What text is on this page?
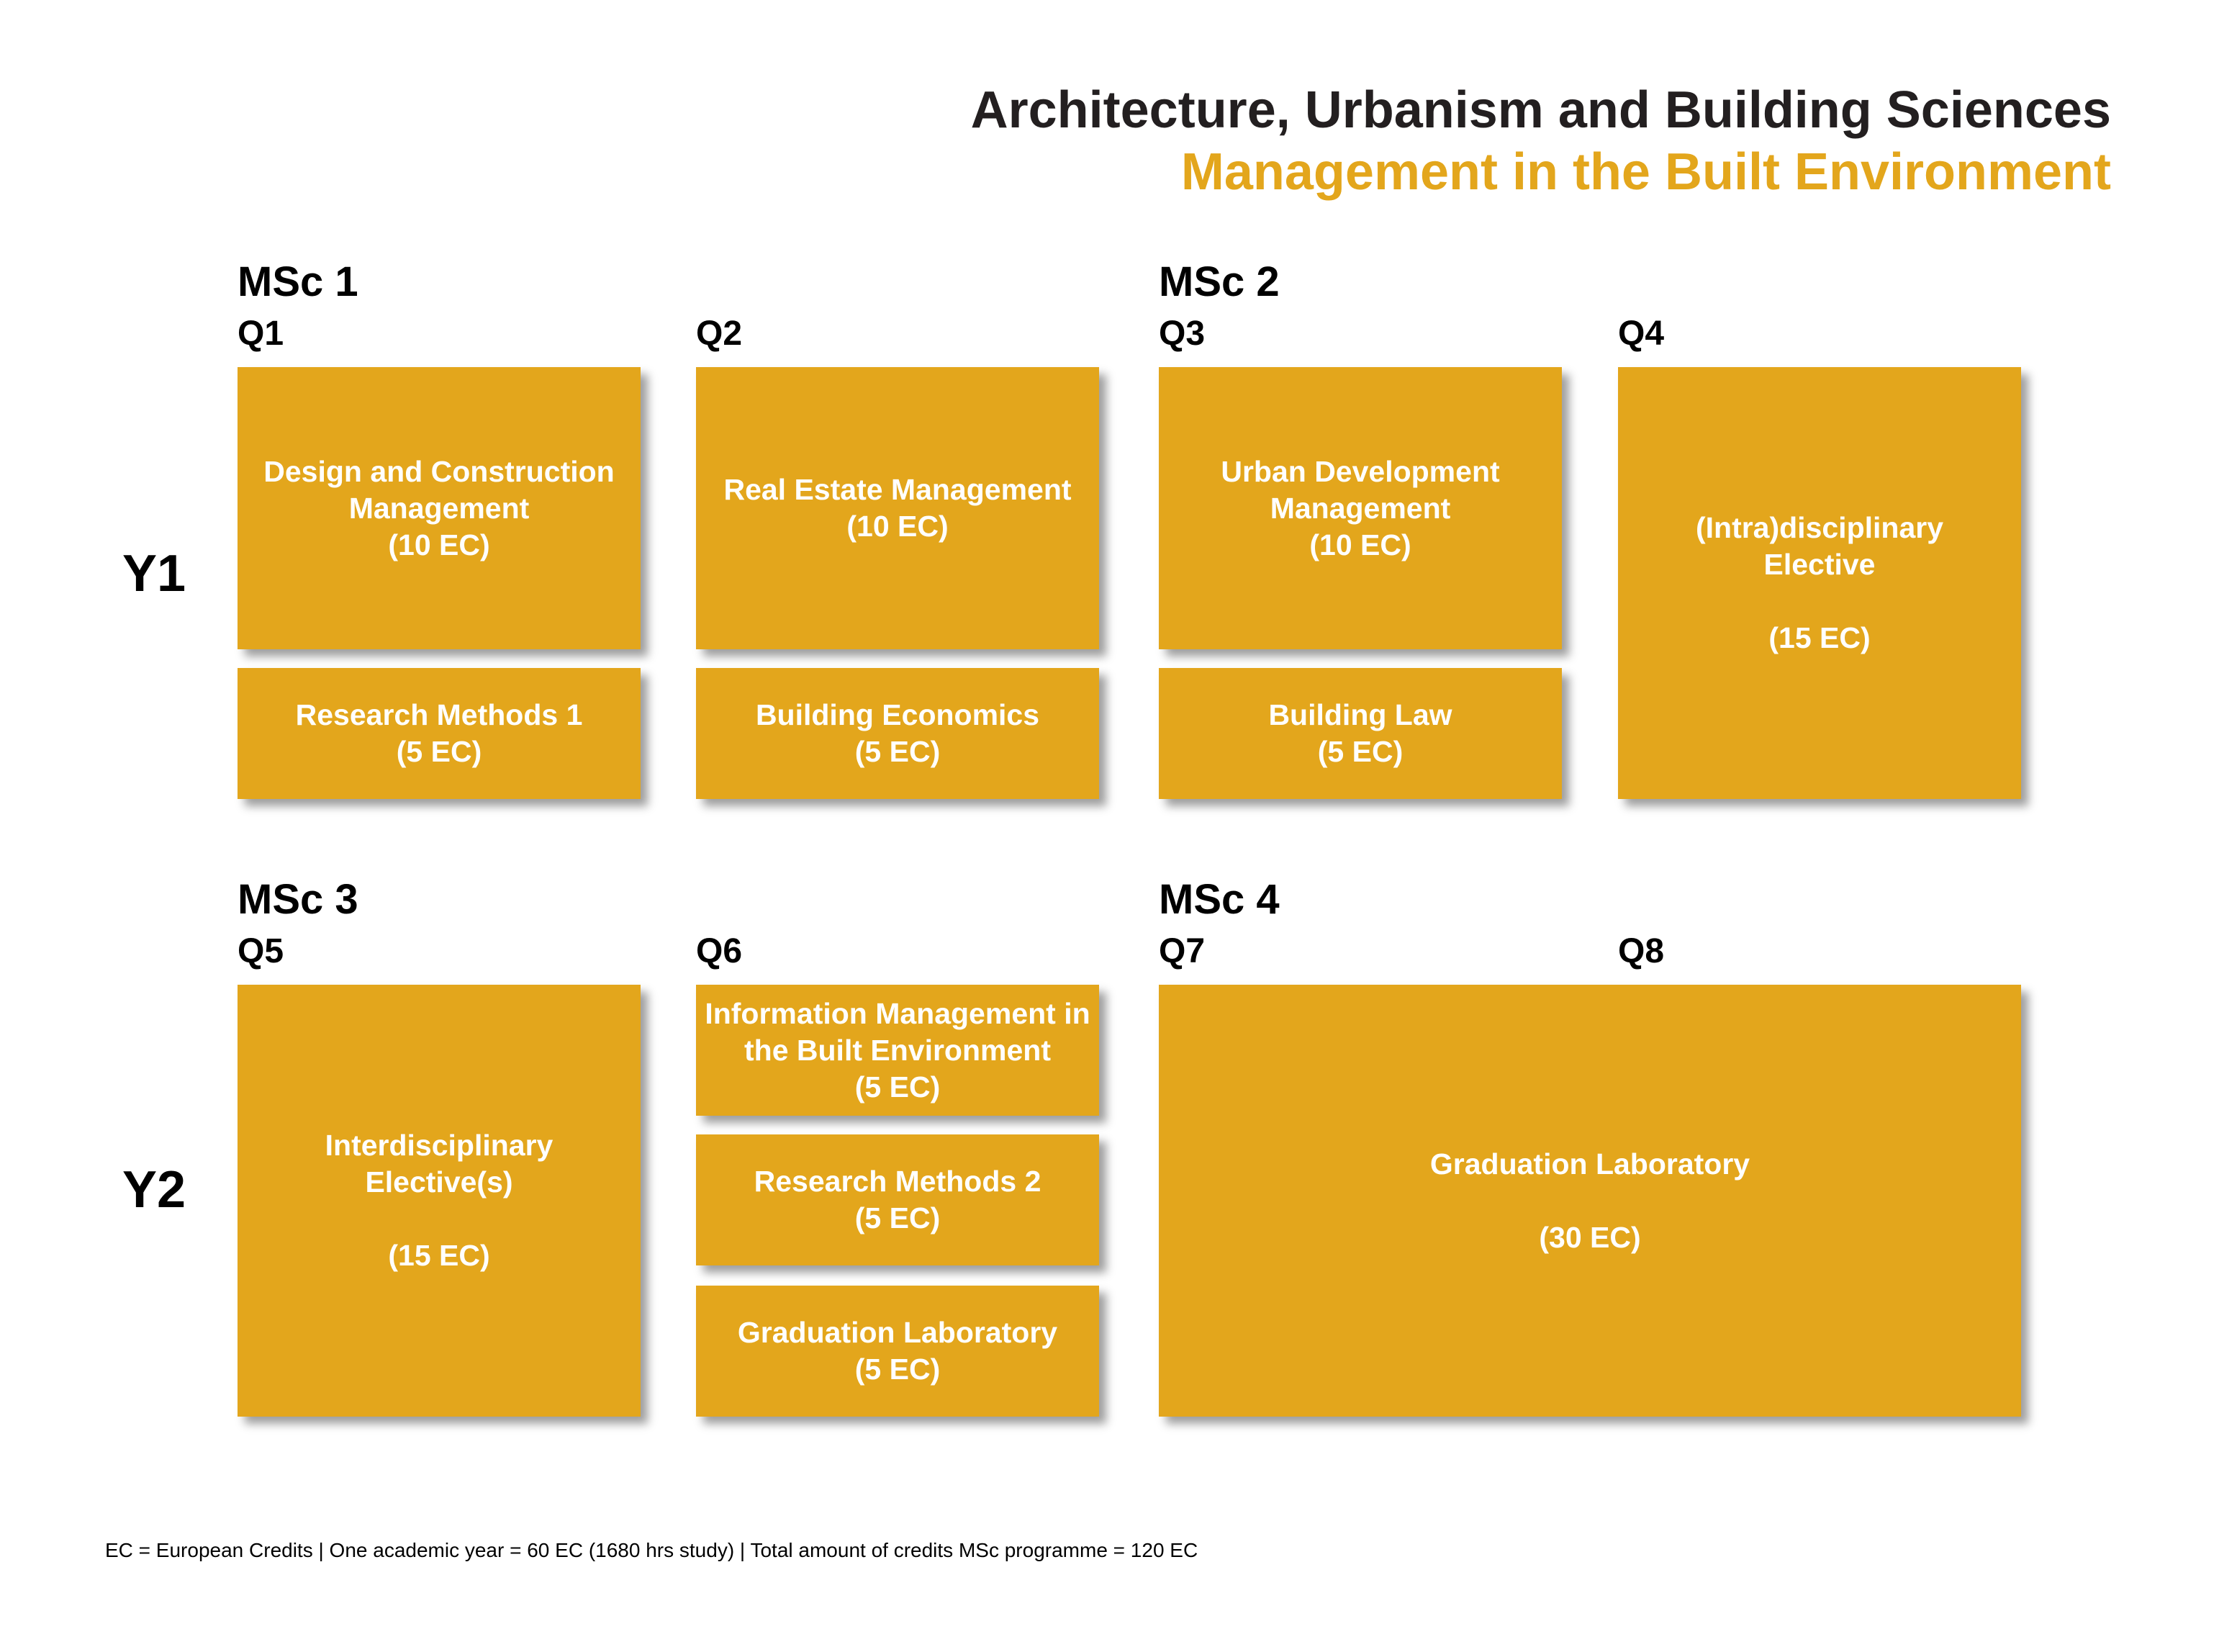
Architecture, Urbanism and Building Sciences
Management in the Built Environment
MSc 1	MSc 2
MSc 3	MSc 4
Q1	Q2	Q3	Q4
Q5	Q6	Q7	Q8
Y1
Y2
Design and Construction
Management
(10 EC)
Real Estate Management
(10 EC)
Urban Development
Management
(10 EC)
(Intra)disciplinary
Elective
(15 EC)
Research Methods 1
(5 EC)
Building Economics
(5 EC)
Building Law
(5 EC)
Interdisciplinary
Elective(s)
(15 EC)
Information Management in
the Built Environment
(5 EC)
Research Methods 2
(5 EC)
Graduation Laboratory
(5 EC)
Graduation Laboratory
(30 EC)
EC = European Credits | One academic year = 60 EC (1680 hrs study) | Total amount of credits MSc programme = 120 EC
